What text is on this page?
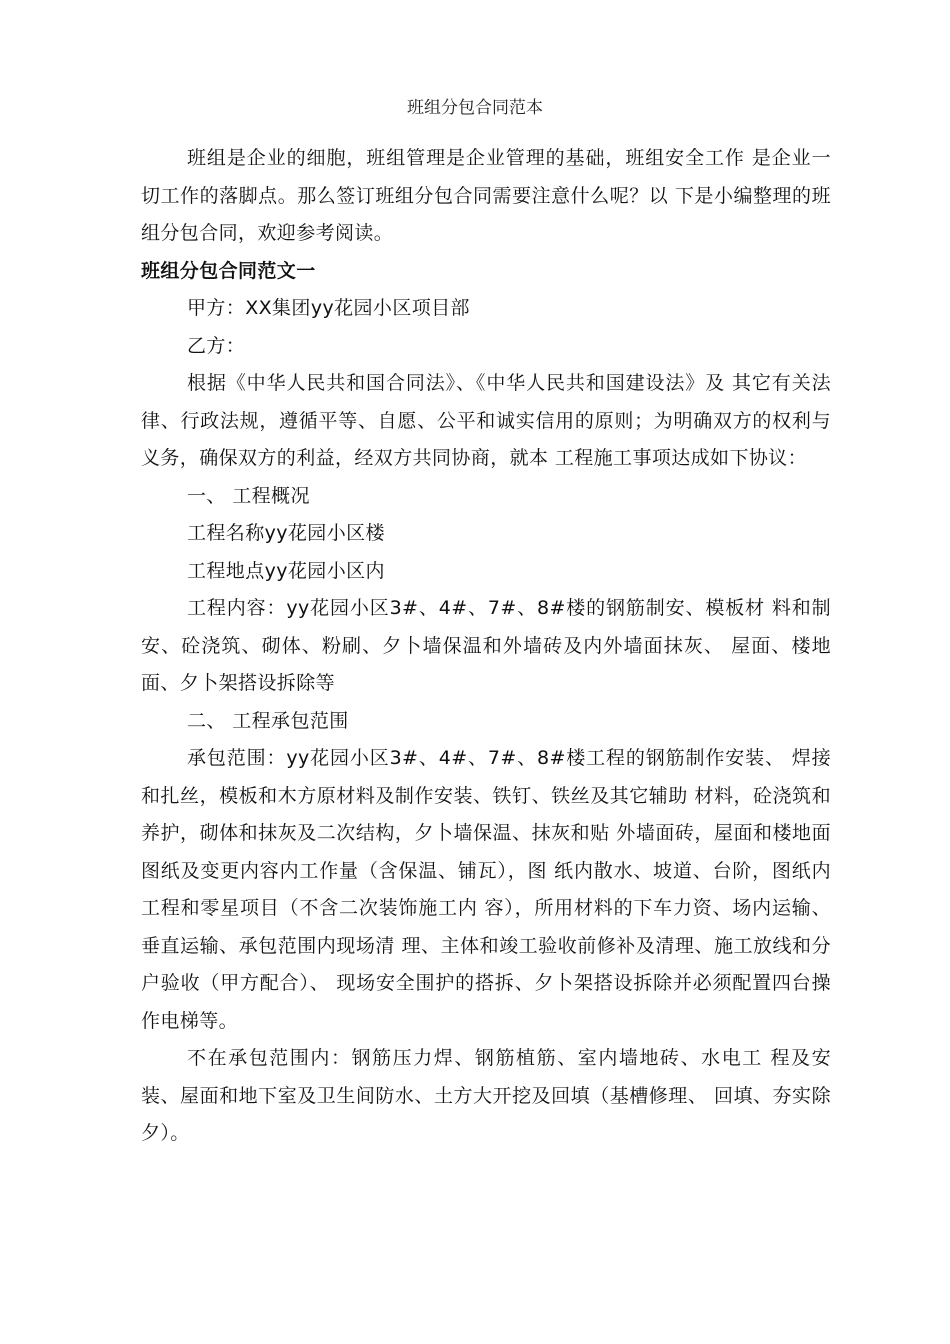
班组分包合同范本

班组是企业的细胞，班组管理是企业管理的基础，班组安全工作 是企业一切工作的落脚点。那么签订班组分包合同需要注意什么呢？以 下是小编整理的班组分包合同，欢迎参考阅读。

班组分包合同范文一

甲方：XX集团yy花园小区项目部

乙方：

根据《中华人民共和国合同法》、《中华人民共和国建设法》及 其它有关法律、行政法规，遵循平等、自愿、公平和诚实信用的原则；为明确双方的权利与义务，确保双方的利益，经双方共同协商，就本 工程施工事项达成如下协议：

一、 工程概况

工程名称yy花园小区楼

工程地点yy花园小区内

工程内容：yy花园小区3#、4#、7#、8#楼的钢筋制安、模板材 料和制安、砼浇筑、砌体、粉刷、夕卜墙保温和外墙砖及内外墙面抹灰、 屋面、楼地面、夕卜架搭设拆除等

二、 工程承包范围

承包范围：yy花园小区3#、4#、7#、8#楼工程的钢筋制作安装、 焊接和扎丝，模板和木方原材料及制作安装、铁钉、铁丝及其它辅助 材料，砼浇筑和养护，砌体和抹灰及二次结构，夕卜墙保温、抹灰和贴 外墙面砖，屋面和楼地面图纸及变更内容内工作量（含保温、铺瓦），图 纸内散水、坡道、台阶，图纸内工程和零星项目（不含二次装饰施工内 容），所用材料的下车力资、场内运输、垂直运输、承包范围内现场清 理、主体和竣工验收前修补及清理、施工放线和分户验收（甲方配合）、 现场安全围护的搭拆、夕卜架搭设拆除并必须配置四台操作电梯等。

不在承包范围内：钢筋压力焊、钢筋植筋、室内墙地砖、水电工 程及安装、屋面和地下室及卫生间防水、土方大开挖及回填（基槽修理、 回填、夯实除夕）。
